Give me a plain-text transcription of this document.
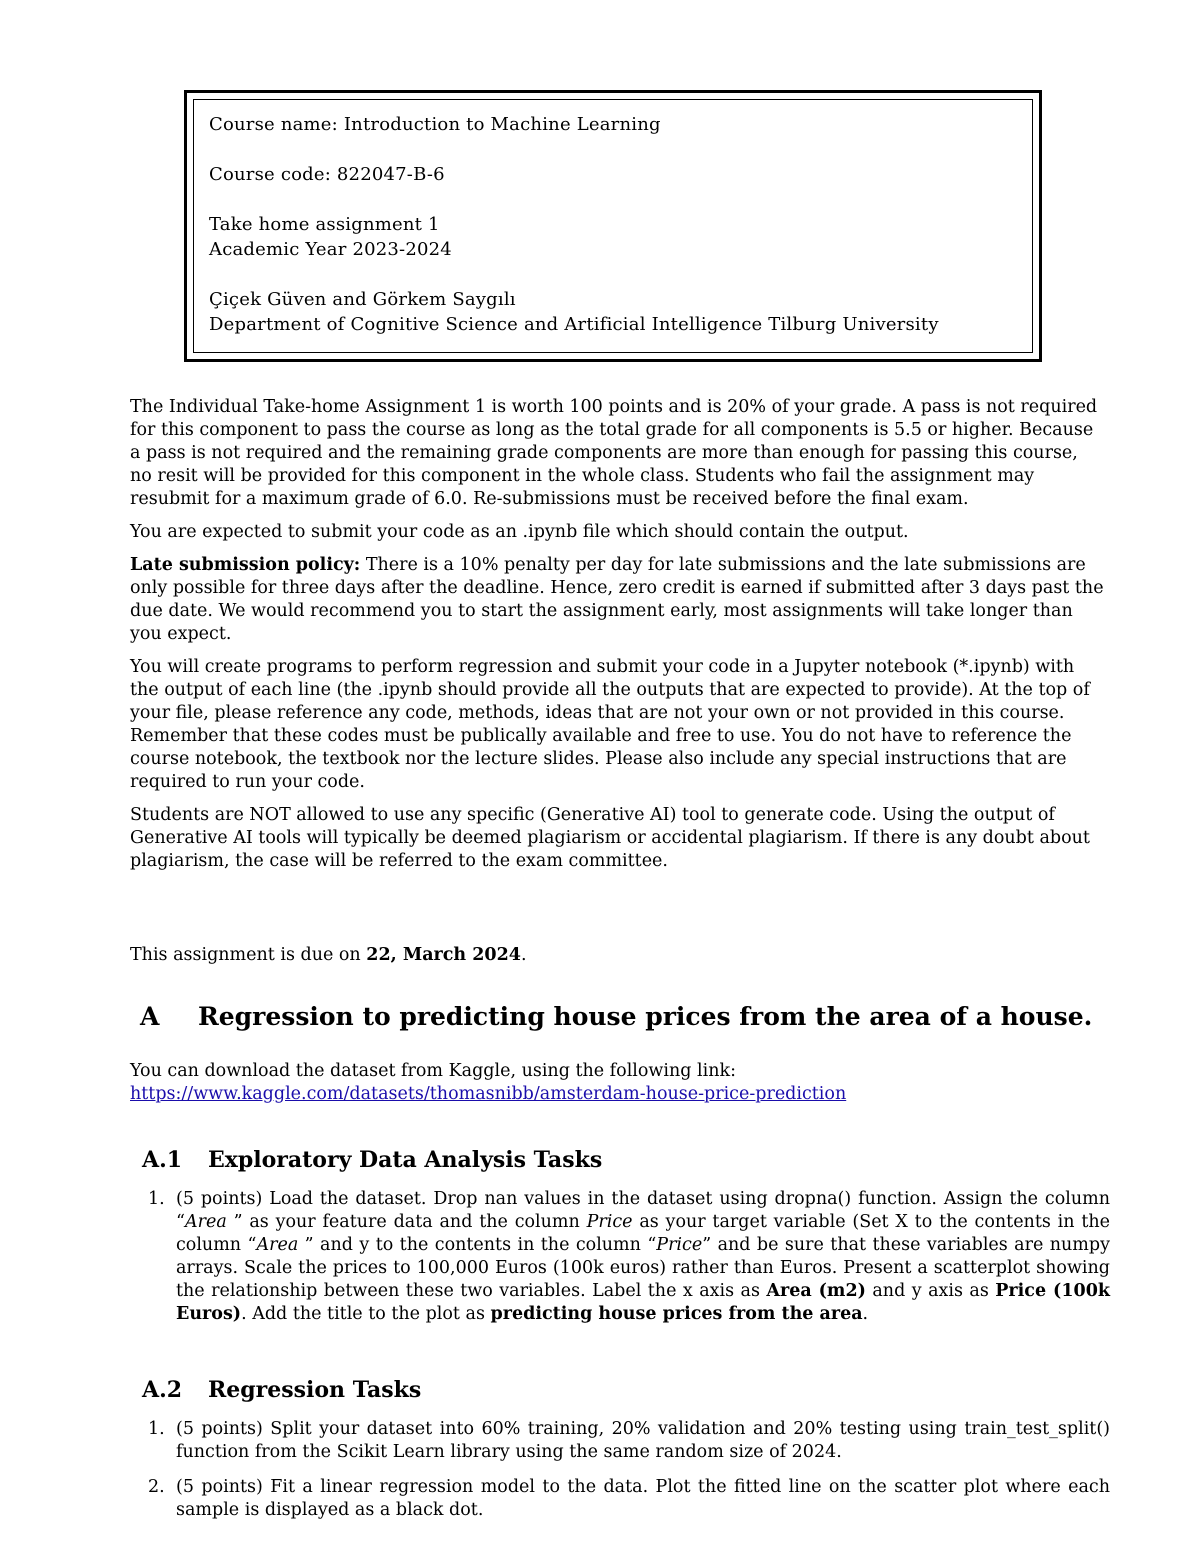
Course name: Introduction to Machine Learning
Course code: 822047-B-6
Take home assignment 1
Academic Year 2023-2024
Çiçek Güven and Görkem Saygılı
Department of Cognitive Science and Artificial Intelligence Tilburg University

The Individual Take-home Assignment 1 is worth 100 points and is 20% of your grade. A pass is not required for this component to pass the course as long as the total grade for all components is 5.5 or higher. Because a pass is not required and the remaining grade components are more than enough for passing this course, no resit will be provided for this component in the whole class. Students who fail the assignment may resubmit for a maximum grade of 6.0. Re-submissions must be received before the final exam.

You are expected to submit your code as an .ipynb file which should contain the output.

Late submission policy: There is a 10% penalty per day for late submissions and the late submissions are only possible for three days after the deadline. Hence, zero credit is earned if submitted after 3 days past the due date. We would recommend you to start the assignment early, most assignments will take longer than you expect.

You will create programs to perform regression and submit your code in a Jupyter notebook (*.ipynb) with the output of each line (the .ipynb should provide all the outputs that are expected to provide). At the top of your file, please reference any code, methods, ideas that are not your own or not provided in this course. Remember that these codes must be publically available and free to use. You do not have to reference the course notebook, the textbook nor the lecture slides. Please also include any special instructions that are required to run your code.

Students are NOT allowed to use any specific (Generative AI) tool to generate code. Using the output of Generative AI tools will typically be deemed plagiarism or accidental plagiarism. If there is any doubt about plagiarism, the case will be referred to the exam committee.

This assignment is due on 22, March 2024.
A Regression to predicting house prices from the area of a house.
You can download the dataset from Kaggle, using the following link:
https://www.kaggle.com/datasets/thomasnibb/amsterdam-house-price-prediction
A.1 Exploratory Data Analysis Tasks
1. (5 points) Load the dataset. Drop nan values in the dataset using dropna() function. Assign the column “Area ” as your feature data and the column Price as your target variable (Set X to the contents in the column “Area ” and y to the contents in the column “Price” and be sure that these variables are numpy arrays. Scale the prices to 100,000 Euros (100k euros) rather than Euros. Present a scatterplot showing the relationship between these two variables. Label the x axis as Area (m2) and y axis as Price (100k Euros). Add the title to the plot as predicting house prices from the area.
A.2 Regression Tasks
1. (5 points) Split your dataset into 60% training, 20% validation and 20% testing using train_test_split() function from the Scikit Learn library using the same random size of 2024.
2. (5 points) Fit a linear regression model to the data. Plot the fitted line on the scatter plot where each sample is displayed as a black dot.
